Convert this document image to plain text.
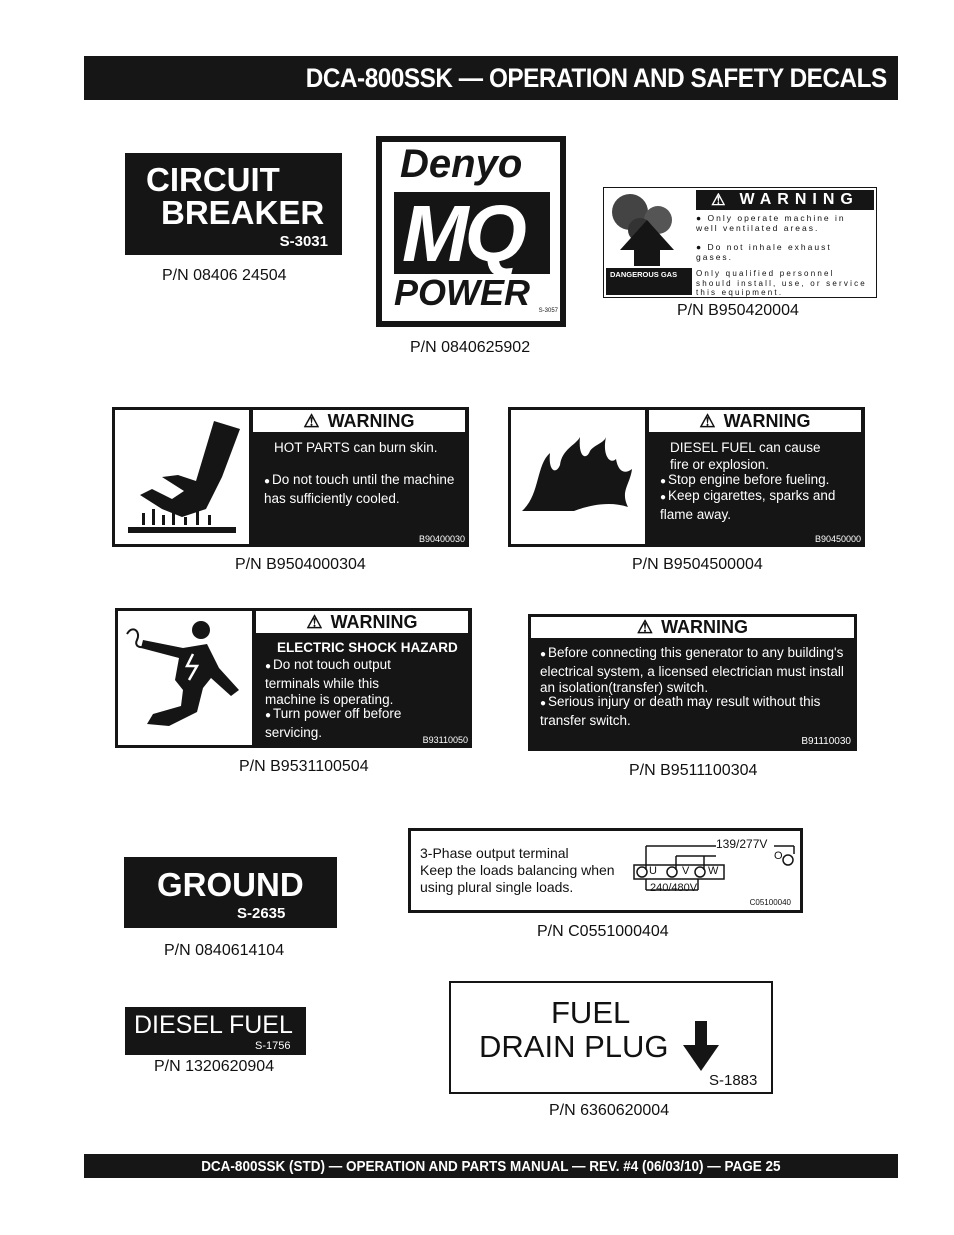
DCA-800SSK — OPERATION AND SAFETY DECALS
CIRCUIT
BREAKER
S-3031
P/N 08406 24504
Denyo
MQ
POWER S-3057
P/N 0840625902
⚠ WARNING
● Only operate machine in well ventilated areas.
● Do not inhale exhaust gases.
DANGEROUS GAS	Only qualified personnel should install, use, or service this equipment.
P/N B950420004
⚠ WARNING
HOT PARTS can burn skin.
● Do not touch until the machine has sufficiently cooled.
B90400030
P/N B9504000304
⚠ WARNING
DIESEL FUEL can cause fire or explosion.
● Stop engine before fueling.
● Keep cigarettes, sparks and flame away.
B90450000
P/N B9504500004
⚠ WARNING
ELECTRIC SHOCK HAZARD
● Do not touch output terminals while this machine is operating.
● Turn power off before servicing.
B93110050
P/N B9531100504
⚠ WARNING
● Before connecting this generator to any building's electrical system, a licensed electrician must install an isolation(transfer) switch.
● Serious injury or death may result without this transfer switch.
B91110030
P/N B9511100304
GROUND
S-2635
P/N 0840614104
3-Phase output terminal
Keep the loads balancing when
using plural single loads.
139/277V
240/480V
U V W
O
C05100040
P/N C0551000404
DIESEL FUEL
S-1756
P/N 1320620904
FUEL
DRAIN PLUG
S-1883
P/N 6360620004
DCA-800SSK (STD) — OPERATION AND PARTS MANUAL — REV. #4 (06/03/10) — PAGE 25
